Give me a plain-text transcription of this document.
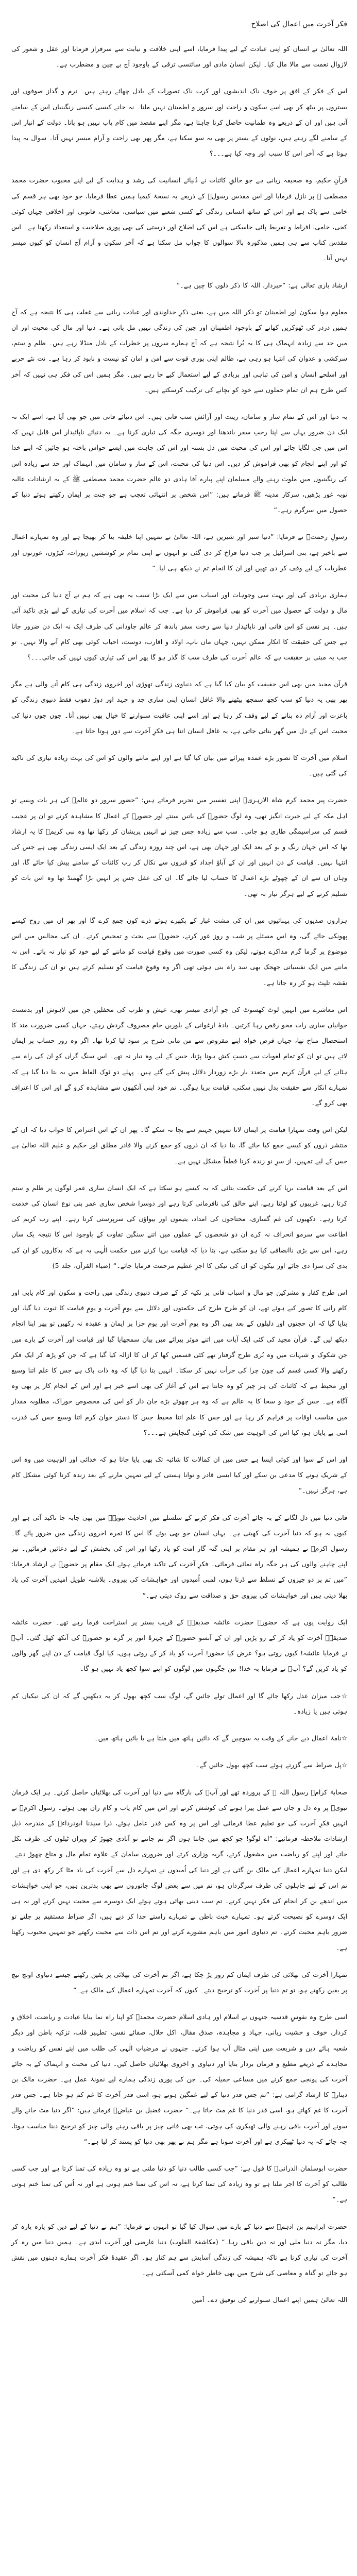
فکر آخرت میں اعمال کی اصلاح

اللہ تعالیٰ نے انسان کو اپنی عبادت کے لیے پیدا فرمایا، اسے اپنی خلافت و نیابت سے سرفراز فرمایا اور عقل و شعور کی لازوال نعمت سے مالا مال کیا۔ لیکن انسان مادی اور سائنسی ترقی کے باوجود آج بے چین و مضطرب ہے۔

اس کے فکر کے افق پر خوف ناک اندیشوں اور کرب ناک تصورات کے بادل چھائے رہتے ہیں۔ نرم و گداز صوفوں اور بستروں پر بیٹھ کر بھی اسے سکون و راحت اور سرور و اطمینان نہیں ملتا۔ نہ جانے کیسی کیسی رنگینیاں اس کے سامنے آتی ہیں اور ان کے ذریعے وہ طمانیت حاصل کرنا چاہتا ہے، مگر اپنے مقصد میں کام یاب نہیں ہو پاتا۔ دولت کے انبار اس کے سامنے لگے رہتے ہیں، نوٹوں کے بستر پر بھی یہ سو سکتا ہے، مگر پھر بھی راحت و آرام میسر نہیں آتا۔ سوال یہ پیدا ہوتا ہے کہ آخر اس کا سبب اور وجہ کیا ہے۔۔۔؟

قرآنِ حکیم، وہ صحیفہ ربانی ہے جو خالقِ کائنات نے دُنیائے انسانیت کی رشد و ہدایت کے لیے اپنے محبوب حضرت محمد مصطفی ﷺ پر نازل فرمایا اور اس مقدس رسولؐ کے ذریعے یہ نسخۂ کیمیا ہمیں عطا فرمایا، جو خود بھی ہر قسم کی خامی سے پاک ہے اور اس کے ساتھ انسانی زندگی کے کسی شعبے میں سیاسی، معاشی، قانونی اور اخلاقی جہاں کوئی کجی، خامی، افراط و تفریط پائی جاسکتی ہے اس کی اصلاح اور درستی کی بھی پوری صلاحیت و استعداد رکھتا ہے۔ اس مقدس کتاب سے ہی ہمیں مذکورہ بالا سوالوں کا جواب مل سکتا ہے کہ آخر سکون و آرام آج انسان کو کیوں میسر نہیں آتا۔

ارشاد باری تعالی ہے: ”خبردار، اللہ کا ذکر دلوں کا چین ہے۔“

معلوم ہوا سکون اور اطمینان تو ذکر اللہ میں ہے، یعنی ذکرِ خداوندی اور عبادت ربانی سے غفلت ہی کا نتیجہ ہے کہ آج ہمیں دردر کی ٹھوکریں کھانے کے باوجود اطمینان اور چین کی زندگی نہیں مل پاتی ہے۔ دنیا اور مال کی محبت اور ان میں حد سے زیادہ انہماک ہی کا یہ بُرا نتیجہ ہے کہ آج ہمارے سروں پر خطرات کے بادل منڈلا رہے ہیں۔ ظلم و ستم، سرکشی و عدوان کی انتہا ہو رہی ہے، ظالم اپنی پوری قوت سے امن و امان کو نیست و نابود کر رہا ہے۔ نت نئے حربے اور اسلحے انسان و امن کی تباہی اور بربادی کے لیے استعمال کیے جا رہے ہیں۔ مگر ہمیں اس کی فکر ہی نہیں کہ آخر کس طرح ہم ان تمام حملوں سے خود کو بچانے کی ترکیب کرسکتے ہیں۔

یہ دنیا اور اس کے تمام ساز و سامان، زینت اور آرائش سب فانی ہیں۔ اس دنیائے فانی میں جو بھی آیا ہے، اسے ایک نہ ایک دن ضرور یہاں سے اپنا رختِ سفر باندھنا اور دوسری جگہ کی تیاری کرنا ہے۔ یہ دنیائے ناپائیدار اس قابل نہیں کہ اس میں جی لگایا جائے اور اس کی محبت میں دل بستہ اور اس کی چاہت میں ایسے حواس باختہ ہو جائیں کہ اپنے خدا کو اور اپنے انجام کو بھی فراموش کر دیں۔ اس دنیا کی محبت، اس کے ساز و سامان میں انہماک اور حد سے زیادہ اس کی رنگینیوں میں ملوث رہنے والے مسلمان اپنے پیارے آقا ہادی دو عالم حضرت محمد مصطفی ﷺ کے یہ ارشادات عالیہ توبہ غور پڑھیں، سرکار مدینہ ﷺ فرماتے ہیں: ”اس شخص پر انتہائی تعجب ہے جو جنت پر ایمان رکھتے ہوئے دنیا کے حصول میں سرگرم رہے۔“

رسولِ رحمتؐ نے فرمایا: ”دنیا سبز اور شیریں ہے، اللہ تعالیٰ نے تمہیں اپنا خلیفہ بنا کر بھیجا ہے اور وہ تمہارے اعمال سے باخبر ہے، بنی اسرائیل پر جب دنیا فراخ کر دی گئی تو انہوں نے اپنی تمام تر کوششیں زیورات، کپڑوں، عورتوں اور عطریات کے لیے وقف کر دی تھیں اور ان کا انجام تم نے دیکھ ہی لیا۔“

ہماری بربادی کی اور بہت سی وجوہات اور اسباب میں سے ایک بڑا سبب یہ بھی ہے کہ ہم نے آج دنیا کی محبت اور مال و دولت کے حصول میں آخرت کو بھی فراموش کر دیا ہے۔ جب کہ اسلام میں آخرت کی تیاری کے لیے بڑی تاکید آئی ہیں۔ ہر نفس کو اس فانی اور ناپائیدار دنیا سے رخت سفر باندھ کر عالم جاودانی کی طرف ایک نہ ایک دن ضرور جانا ہے جس کی حقیقت کا انکار ممکن نہیں، جہاں ماں باپ، اولاد و اقارب، دوست، احباب کوئی بھی کام آنے والا نہیں۔ تو جب یہ مبنی بر حقیقت ہے کہ عالم آخرت کی طرف سب کا گذر ہو گا پھر اس کی تیاری کیوں نہیں کی جاتی۔۔۔؟

قرآن مجید میں بھی اس حقیقت کو بیان کیا گیا ہے کہ دنیاوی زندگی تھوڑی اور اخروی زندگی ہی کام آنے والی ہے مگر پھر بھی یہ دنیا کو سب کچھ سمجھ بیٹھنے والا غافل انسان اپنی ساری جد و جہد اور دوڑ دھوپ فقط دنیوی زندگی کو باعزت اور آرام دہ بنانے کے لیے وقف کر رہا ہے اور اسے اپنی عاقبت سنوارنے کا خیال بھی نہیں آتا۔ جوں جوں دنیا کی محبت اس کے دل میں گھر بناتی جاتی ہے، یہ غافل انسان اتنا ہی فکرِ آخرت سے دور ہوتا جاتا ہے۔

اسلام میں آخرت کا تصور بڑے عمدہ پیرائے میں بیان کیا گیا ہے اور اپنے ماننے والوں کو اس کی بہت زیادہ تیاری کی تاکید کی گئی ہیں۔

حضرت پیر محمد کرم شاہ الازہریؒ اپنی تفسیر میں تحریر فرماتے ہیں: ”حضور سرور دو عالمؐ کی ہر بات ویسے تو اہل مکہ کے لیے حیرت انگیز تھی، وہ لوگ حضورؐ کی باتیں سنتے اور حضورؐ کے اعمال کا مشاہدہ کرتے تو ان پر عجیب قسم کی سراسیمگی طاری ہو جاتی۔ سب سے زیادہ جس چیز نے انہیں پریشان کر رکھا تھا وہ نبی کریمؐ کا یہ ارشاد تھا کہ اس جہان رنگ و بو کے بعد ایک اور جہان بھی ہے، اس چند روزہ زندگی کے بعد ایک ایسی زندگی بھی ہے جس کی انتہا نہیں۔ قیامت کے دن انہیں اور ان کے آباؤ اجداد کو قبروں سے نکال کر رب کائنات کے سامنے پیش کیا جائے گا، اور وہاں ان سے ان کے چھوٹے بڑے اعمال کا حساب لیا جائے گا۔ ان کی عقل جس پر انہیں بڑا گھمنڈ تھا وہ اس بات کو تسلیم کرنے کے لیے ہرگز تیار نہ تھی۔

ہزاروں صدیوں کی پہنائیوں میں ان کی مشت غبار کے بکھرے ہوئے ذرے کون جمع کرے گا اور پھر ان میں روح کیسے پھونکی جائے گی، وہ اس مسئلے پر شب و روز غور کرتے، حضورؐ سے بحث و تمحیص کرتے۔ ان کی مجالس میں اس موضوع پر گرما گرم مذاکرے ہوتے، لیکن وہ کسی صورت میں وقوعِ قیامت کو ماننے کے لیے خود کو تیار نہ پاتے۔ اس نہ ماننے میں ایک نفسیاتی جھجک بھی سد راہ بنی ہوئی تھی اگر وہ وقوعِ قیامت کو تسلیم کرتے ہیں تو ان کی زندگی کا نقشہ تلپٹ ہو کر رہ جاتا ہے۔

اس معاشرے میں انہیں لوٹ کھسوٹ کی جو آزادی میسر تھی، عیش و طرب کی محفلیں جن میں لاہوش اور بدمست جوانیاں ساری رات محو رقص رہا کرتیں۔ بادۂ ارغوانی کے بلوریں جام مصروف گردش رہتے، جہاں کسی ضرورت مند کا استحصال مباح تھا، جہاں قرض خواہ اپنے مقروض سے من مانی شرح پر سود لیا کرتا تھا۔ اگر وہ روز حساب پر ایمان لاتے ہیں تو ان کو تمام لغویات سے دستِ کش ہونا پڑتا، جس کے لیے وہ تیار نہ تھے۔ اس سنگ گراں کو ان کی راہ سے ہٹانے کے لیے قرآن کریم میں متعدد بار بڑے زوردار دلائل پیش کیے گئے ہیں۔ پہلے دو ٹوک الفاظ میں یہ بتا دیا گیا ہے کہ تمہارے انکار سے حقیقت بدل نہیں سکتی، قیامت برپا ہوگی۔ تم خود اپنی آنکھوں سے مشاہدہ کرو گے اور اس کا اعتراف بھی کرو گے۔

لیکن اس وقت تمہارا قیامت پر ایمان لانا تمہیں جہنم سے بچا نہ سکے گا۔ پھر ان کے اس اعتراض کا جواب دیا کہ ان کے منتشر ذروں کو کیسے جمع کیا جائے گا، بتا دیا کہ ان ذروں کو جمع کرنے والا قادر مطلق اور حکیم و علیم اللہ تعالیٰ ہے جس کے لیے تمہیں، از سرِ نو زندہ کرنا قطعاً مشکل نہیں ہے۔

اس کے بعد قیامت برپا کرنے کی حکمت بتائی کہ یہ کیسے ہو سکتا ہے کہ ایک انسان ساری عمر لوگوں پر ظلم و ستم کرتا رہے، غریبوں کو لوٹتا رہے، اپنے خالق کی نافرمانی کرتا رہے اور دوسرا شخص ساری عمر بنی نوع انسان کی خدمت کرتا رہے۔ دکھیوں کی غم گساری، محتاجوں کی امداد، یتیموں اور بیواؤں کی سرپرستی کرتا رہے۔ اپنے رب کریم کی اطاعت سے سرمو انحراف نہ کرے ان دو شخصوں کے عملوں میں اتنے سنگین تفاوت کے باوجود اس کا نتیجہ یک ساں رہے، اس سے بڑی ناانصافی کیا ہو سکتی ہے، بتا دیا کہ قیامت برپا کرنے میں حکمت الٰہی یہ ہے کہ بدکاروں کو ان کی بدی کی سزا دی جائے اور نیکوں کو ان کی نیکی کا اجرِ عظیم مرحمت فرمایا جائے۔“ (ضیاء القرآن، جلد 5)

اس طرح کفار و مشرکین جو مال و اسباب فانی پر تکیہ کر کے صرف دنیوی زندگی میں راحت و سکون اور کام یابی اور کام رانی کا تصور کیے ہوئے تھے، ان کو طرح طرح کی حکمتوں اور دلائل سے یومِ آخرت و یومِ قیامت کا ثبوت دیا گیا، اور بتایا گیا کہ ان حجتوں اور دلیلوں کے بعد بھی اگر وہ یومِ آخرت اور یومِ جزا پر ایمان و عقیدہ نہ رکھیں تو پھر اپنا انجام دیکھ لیں گے۔ قرآن مجید کی کئی ایک آیات میں اتنے موثر پیرائے میں بیان سمجھایا گیا اور قیامت اور آخرت کے بارے میں جن شکوک و شبہات میں وہ بُری طرح گرفتار تھے کئی قسمیں کھا کر ان کا ازالہ کیا گیا ہے کہ جن کو پڑھ کر ایک فکر رکھنے والا کسی قسم کی چون چرا کی جرأت نہیں کر سکتا۔ انہیں بتا دیا گیا کہ وہ ذات پاک ہے جس کا علم اتنا وسیع اور محیط ہے کہ کائنات کی ہر چیز کو وہ جانتا ہے اس کے آغاز کی بھی اسے خبر ہے اور اس کے انجام کار پر بھی وہ آگاہ ہے۔ جس کے جود و سخا کا یہ عالم ہے کہ وہ ہر چھوٹے بڑے جان دار کو اس کی مخصوص خوراک، مطلوبہ مقدار میں مناسب اوقات پر فراہم کر رہا ہے اور جس کا علم اتنا محیط جس کا دستر خوان کرم اتنا وسیع جس کی قدرت اتنی بے پایاں ہو، کیا اس کی الوہیت میں شک کی کوئی گنجایش ہے۔۔۔؟

اور اس کے سوا اور کوئی ایسا ہے جس میں ان کمالات کا شائبہ تک بھی پایا جاتا ہو کہ خدائی اور الوہیت میں وہ اس کے شریک ہونے کا مدعی بن سکے اور کیا ایسی قادر و توانا ہستی کے لیے تمہیں مارنے کے بعد زندہ کرنا کوئی مشکل کام ہے، ہرگز نہیں۔“

فانی دنیا میں دل لگانے کے بہ جائے آخرت کی فکر کرنے کے سلسلے میں احادیث نبویہؐ میں بھی جابہ جا تاکید آئی ہے اور کیوں نہ ہو کہ دنیا آخرت کی کھیتی ہے۔ یہاں انسان جو بھی بوئے گا اس کا ثمرہ اخروی زندگی میں ضرور پائے گا۔ رسول اکرمؐ نے ہمیشہ اور ہر مقام پر اپنی گنہ گار امت کو یاد رکھا اور اس کی بخشش کے لیے دعائیں فرمائیں۔ نیز اپنے چاہنے والوں کی ہر جگہ راہ نمائی فرمائی۔ فکرِ آخرت کی تاکید فرماتے ہوئے ایک مقام پر حضورؐ نے ارشاد فرمایا: ”میں تم پر دو چیزوں کے تسلط سے ڈرتا ہوں، لمبی اُمیدوں اور خواہشات کی پیروی۔ بلاشبہ طویل امیدیں آخرت کی یاد بھلا دیتی ہیں اور خواہشات کی پیروی حق و صداقت سے روک دیتی ہے۔“

ایک روایت یوں ہے کہ حضورؐ حضرت عائشہ صدیقہؓ کے قریب بستر پر استراحت فرما رہے تھے۔ حضرت عائشہ صدیقہؓ آخرت کو یاد کر کے رو پڑیں اور ان کے آنسو حضورؐ کے چہرۂ انور پر گرے تو حضورؐ کی آنکھ کھل گئی۔ آپؐ نے فرمایا عائشہ! کیوں روتی ہو؟ عرض کیا حضور! آخرت کو یاد کر کے روتی ہوں، کیا لوگ قیامت کے دن اپنے گھر والوں کو یاد کریں گے؟ آپؐ نے فرمایا بہ خدا! تین جگہوں میں لوگوں کو اپنے سوا کچھ یاد نہیں ہو گا۔

☆جب میزان عدل رکھا جائے گا اور اعمال تولے جائیں گے، لوگ سب کچھ بھول کر یہ دیکھیں گے کہ ان کی نیکیاں کم ہوتی ہیں یا زیادہ۔

☆نامۂ اعمال دیے جانے کے وقت یہ سوچیں گے کہ دائیں ہاتھ میں ملتا ہے یا بائیں ہاتھ میں۔

☆پل صراط سے گزرتے ہوئے سب کچھ بھول جائیں گے۔

صحابۂ کرامؓ رسول اللہ ﷺ کے پروردہ تھے اور آپؐ کی بارگاہ سے دنیا اور آخرت کی بھلائیاں حاصل کرتے۔ ہر ایک فرمان نبویؐ پر وہ دل و جان سے عمل پیرا ہونے کی کوشش کرتے اور اس میں کام یاب و کام ران بھی ہوئے۔ رسول اکرمؐ نے انہیں فکرِ آخرت کی جو تعلیم عطا فرمائی اور اس پر وہ کس قدر عامل ہوئے، ذرا سیدنا ابودرداءؓ کے مندرجہ ذیل ارشادات ملاحظہ فرمائیے: ”اے لوگو! جو کچھ میں جانتا ہوں اگر تم جانتے تو آبادی چھوڑ کر ویران ٹیلوں کی طرف نکل جاتے اور اپنے کو ریاضت میں مشغول کرتے، گریہ وزاری کرتے اور ضروری سامان کے علاوہ تمام مال و متاع چھوڑ دیتے۔ لیکن دنیا تمہارے اعمال کی مالک بن گئی ہے اور دنیا کی اُمیدوں نے تمہارے دل سے آخرت کی یاد مٹا کر رکھ دی ہے اور تم اس کے لیے جاہلوں کی طرف سرگرداں ہو، تم میں سے بعض لوگ جانوروں سے بھی بدترین ہیں، جو اپنی خواہشات میں اندھے بن کر انجام کی فکر نہیں کرتے۔ تم سب دینی بھائی ہوتے ہوئے ایک دوسرے سے محبت نہیں کرتے اور نہ ہی ایک دوسرے کو نصیحت کرتے ہو۔ تمہارے خبث باطن نے تمہارے راستے جدا کر دیے ہیں، اگر صراط مستقیم پر چلتے تو ضرور باہم محبت کرتے۔ تم دنیاوی امور میں باہم مشورے کرتے اور تم اس ذات سے محبت رکھتے جو تمہیں محبوب رکھتا ہے۔

تمہارا آخرت کی بھلائی کی طرف ایمان کم زور پڑ چکا ہے، اگر تم آخرت کی بھلائی پر یقین رکھتے جیسے دنیاوی اونچ نیچ پر یقین رکھتے ہو، تو تم دنیا پر آخرت کو ترجیح دیتے۔ کیوں کہ آخرت تمہارے اعمال کی مالک ہے۔“

اسی طرح وہ نفوسِ قدسیہ جنہوں نے اسلام اور ہادی اسلام حضرت محمدؐ کو اپنا راہ نما بنایا عبادت و ریاضت، اخلاق و کردار، خوف و خشیت ربانی، جہاد و مجاہدہ، صدق مقال، اکل حلال، صفائے نفس، تطہیر قلب، تزکیہ باطن اور دیگر شعبہ ہائے دین و شریعت میں اپنی مثال آپ ہوا کرتے۔ جنہوں نے مرضیاتِ الٰہی کی طلب میں اپنے نفس کو ریاضت و مجاہدے کے ذریعے مطیع و فرماں بردار بنایا اور دنیاوی و اخروی بھلائیاں حاصل کیں۔ دنیا کی محبت و انہماک کے بہ جائے آخرت کی پونجی جمع کرنے میں مساعی جمیلہ کی۔ جن کی پوری زندگی ہمارے لیے نمونۂ عمل ہے۔ حضرت مالک بن دینارؒ کا ارشاد گرامی ہے: ”تم جس قدر دنیا کے لیے غمگین ہوتے ہو، اسی قدر آخرت کا غم کم ہو جاتا ہے۔ جس قدر آخرت کا غم کھاتے ہو، اسی قدر دنیا کا غم مٹ جاتا ہے۔“ حضرت فضیل بن عیاضؒ فرماتے ہیں: ”اگر دنیا مٹ جانے والے سونے اور آخرت باقی رہنے والی ٹھیکری کی ہوتی، تب بھی فانی چیز پر باقی رہنے والی چیز کو ترجیح دینا مناسب ہوتا، چہ جائے کہ یہ دنیا ٹھیکری ہے اور آخرت سونا ہے مگر ہم نے پھر بھی دنیا کو پسند کر لیا ہے۔“

حضرت ابوسلمان الدرانیؒ کا قول ہے: ”جب کسی طالب دنیا کو دنیا ملتی ہے تو وہ زیادہ کی تمنا کرتا ہے اور جب کسی طالب کو آخرت کا اجر ملتا ہے تو وہ زیادہ کی تمنا کرتا ہے، نہ اس کی تمنا ختم ہوتی ہے اور نہ اُس کی تمنا ختم ہوتی ہے۔“

حضرت ابراہیم بن ادہمؒ سے دنیا کے بارے میں سوال کیا گیا تو انہوں نے فرمایا: ”ہم نے دنیا کے لیے دین کو پارہ پارہ کر دیا، مگر نہ دنیا ملی اور نہ دین باقی رہا۔“ (مکاشفۃ القلوب) دنیا عارضی اور آخرت ابدی ہے۔ ہمیں دنیا میں رہ کر آخرت کی تیاری کرنا ہے تاکہ ہمیشہ کی زندگی آسایش سے ہم کنار ہو۔ اگر عقیدۂ فکر آخرت ہمارے ذہنوں میں نقش ہو جائے تو گناہ و معاصی کی شرح میں بھی خاطر خواہ کمی آسکتی ہے۔

اللہ تعالیٰ ہمیں اپنے اعمال سنوارنے کی توفیق دے۔ آمین
